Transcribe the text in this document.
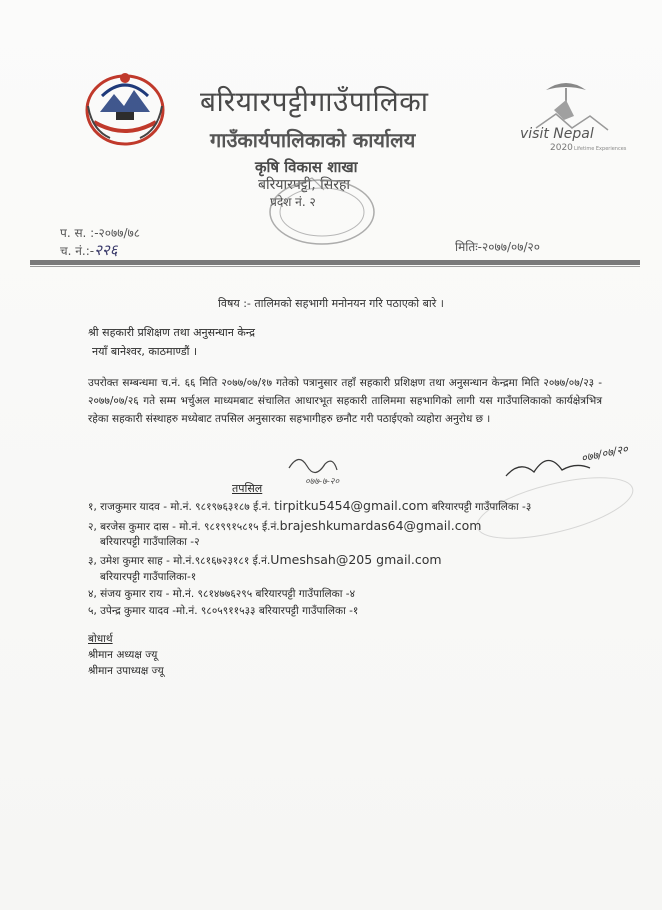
बरियारपट्टीगाउँपालिका
गाउँकार्यपालिकाको कार्यालय
कृषि विकास शाखा
बरियारपट्टी, सिरहा
प्रदेश नं. २
visit Nepal
2020 Lifetime Experiences
प. स. :-२०७७/७८
च. नं.:-२२६	मितिः-२०७७/०७/२०
विषय :- तालिमको सहभागी मनोनयन गरि पठाएको बारे ।
श्री सहकारी प्रशिक्षण तथा अनुसन्धान केन्द्र
नयाँ बानेश्वर, काठमाण्डौं ।
उपरोक्त सम्बन्धमा च.नं. ६६ मिति २०७७/०७/१७ गतेको पत्रानुसार तहाँ सहकारी प्रशिक्षण तथा अनुसन्धान केन्द्रमा मिति २०७७/०७/२३ - २०७७/०७/२६ गते सम्म भर्चुअल माध्यमबाट संचालित आधारभूत सहकारी तालिममा सहभागिको लागी यस गाउँपालिकाको कार्यक्षेत्रभित्र रहेका सहकारी संस्थाहरु मध्येबाट तपसिल अनुसारका सहभागीहरु छनौट गरी पठाईएको व्यहोरा अनुरोध छ ।
०७७-७-२०
०७७/०७/२०
तपसिल
१, राजकुमार यादव - मो.नं. ९८१९७६३१८७ ई.नं. tirpitku5454@gmail.com बरियारपट्टी गाउँपालिका -३
२, बरजेस कुमार दास - मो.नं. ९८१९९१५८१५ ई.नं.brajeshkumardas64@gmail.com
बरियारपट्टी गाउँपालिका -२
३, उमेश कुमार साह - मो.नं.९८१६७२३१८१ ई.नं.Umeshsah@205 gmail.com
बरियारपट्टी गाउँपालिका-१
४, संजय कुमार राय - मो.नं. ९८१४७७६२९५ बरियारपट्टी गाउँपालिका -४
५, उपेन्द्र कुमार यादव -मो.नं. ९८०५९११५३३ बरियारपट्टी गाउँपालिका -१
बोधार्थ
श्रीमान अध्यक्ष ज्यू
श्रीमान उपाध्यक्ष ज्यू
